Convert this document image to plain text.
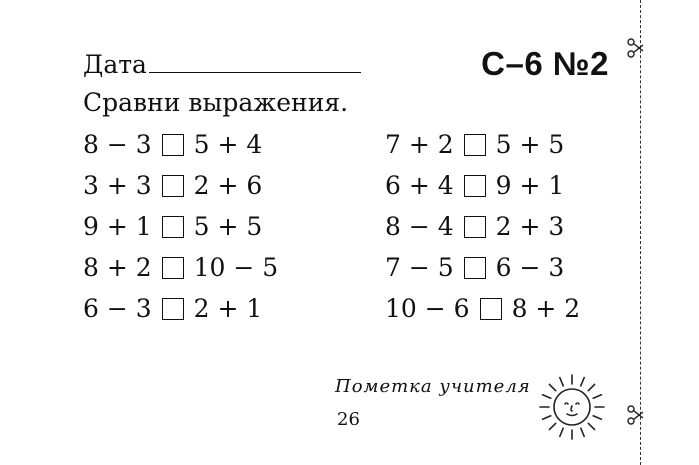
Дата	С–6 №2
Сравни выражения.
8 − 3 5 + 4
3 + 3 2 + 6
9 + 1 5 + 5
8 + 2 10 − 5
6 − 3 2 + 1
7 + 2 5 + 5
6 + 4 9 + 1
8 − 4 2 + 3
7 − 5 6 − 3
10 − 6 8 + 2
Пометка учителя
26
